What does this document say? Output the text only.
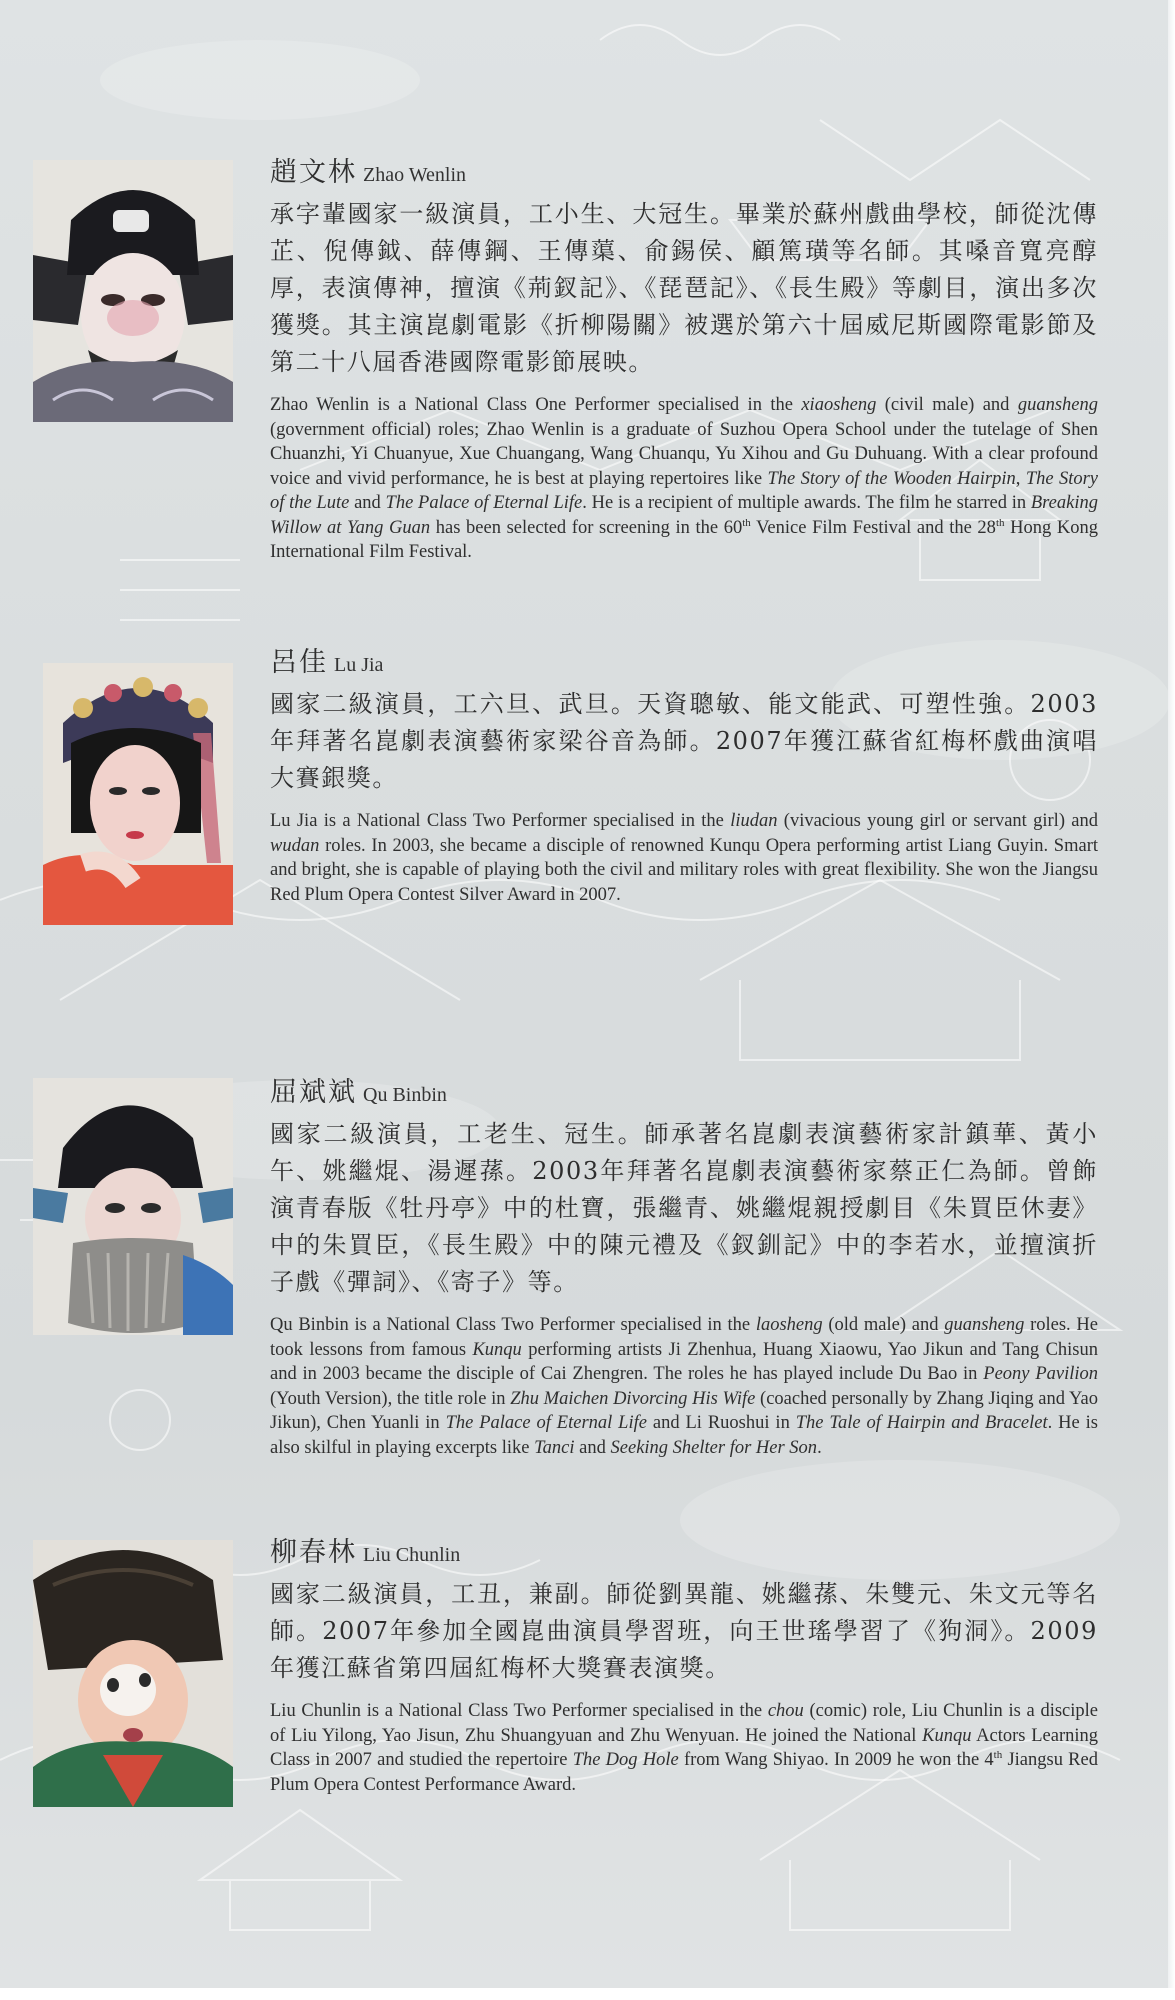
趙文林 Zhao Wenlin

承字輩國家一級演員，工小生、大冠生。畢業於蘇州戲曲學校，師從沈傳芷、倪傳鉞、薛傳鋼、王傳蕖、俞錫侯、顧篤璜等名師。其嗓音寬亮醇厚，表演傳神，擅演《荊釵記》、《琵琶記》、《長生殿》等劇目，演出多次獲獎。其主演崑劇電影《折柳陽關》被選於第六十屆威尼斯國際電影節及第二十八屆香港國際電影節展映。

Zhao Wenlin is a National Class One Performer specialised in the xiaosheng (civil male) and guansheng (government official) roles; Zhao Wenlin is a graduate of Suzhou Opera School under the tutelage of Shen Chuanzhi, Yi Chuanyue, Xue Chuangang, Wang Chuanqu, Yu Xihou and Gu Duhuang. With a clear profound voice and vivid performance, he is best at playing repertoires like The Story of the Wooden Hairpin, The Story of the Lute and The Palace of Eternal Life. He is a recipient of multiple awards. The film he starred in Breaking Willow at Yang Guan has been selected for screening in the 60th Venice Film Festival and the 28th Hong Kong International Film Festival.

呂佳 Lu Jia

國家二級演員，工六旦、武旦。天資聰敏、能文能武、可塑性強。2003年拜著名崑劇表演藝術家梁谷音為師。2007年獲江蘇省紅梅杯戲曲演唱大賽銀獎。

Lu Jia is a National Class Two Performer specialised in the liudan (vivacious young girl or servant girl) and wudan roles. In 2003, she became a disciple of renowned Kunqu Opera performing artist Liang Guyin. Smart and bright, she is capable of playing both the civil and military roles with great flexibility. She won the Jiangsu Red Plum Opera Contest Silver Award in 2007.

屈斌斌 Qu Binbin

國家二級演員，工老生、冠生。師承著名崑劇表演藝術家計鎮華、黃小午、姚繼焜、湯遲蓀。2003年拜著名崑劇表演藝術家蔡正仁為師。曾飾演青春版《牡丹亭》中的杜寶，張繼青、姚繼焜親授劇目《朱買臣休妻》中的朱買臣，《長生殿》中的陳元禮及《釵釧記》中的李若水，並擅演折子戲《彈詞》、《寄子》等。

Qu Binbin is a National Class Two Performer specialised in the laosheng (old male) and guansheng roles. He took lessons from famous Kunqu performing artists Ji Zhenhua, Huang Xiaowu, Yao Jikun and Tang Chisun and in 2003 became the disciple of Cai Zhengren. The roles he has played include Du Bao in Peony Pavilion (Youth Version), the title role in Zhu Maichen Divorcing His Wife (coached personally by Zhang Jiqing and Yao Jikun), Chen Yuanli in The Palace of Eternal Life and Li Ruoshui in The Tale of Hairpin and Bracelet. He is also skilful in playing excerpts like Tanci and Seeking Shelter for Her Son.

柳春林 Liu Chunlin

國家二級演員，工丑，兼副。師從劉異龍、姚繼蓀、朱雙元、朱文元等名師。2007年參加全國崑曲演員學習班，向王世瑤學習了《狗洞》。2009年獲江蘇省第四屆紅梅杯大獎賽表演獎。

Liu Chunlin is a National Class Two Performer specialised in the chou (comic) role, Liu Chunlin is a disciple of Liu Yilong, Yao Jisun, Zhu Shuangyuan and Zhu Wenyuan. He joined the National Kunqu Actors Learning Class in 2007 and studied the repertoire The Dog Hole from Wang Shiyao. In 2009 he won the 4th Jiangsu Red Plum Opera Contest Performance Award.
